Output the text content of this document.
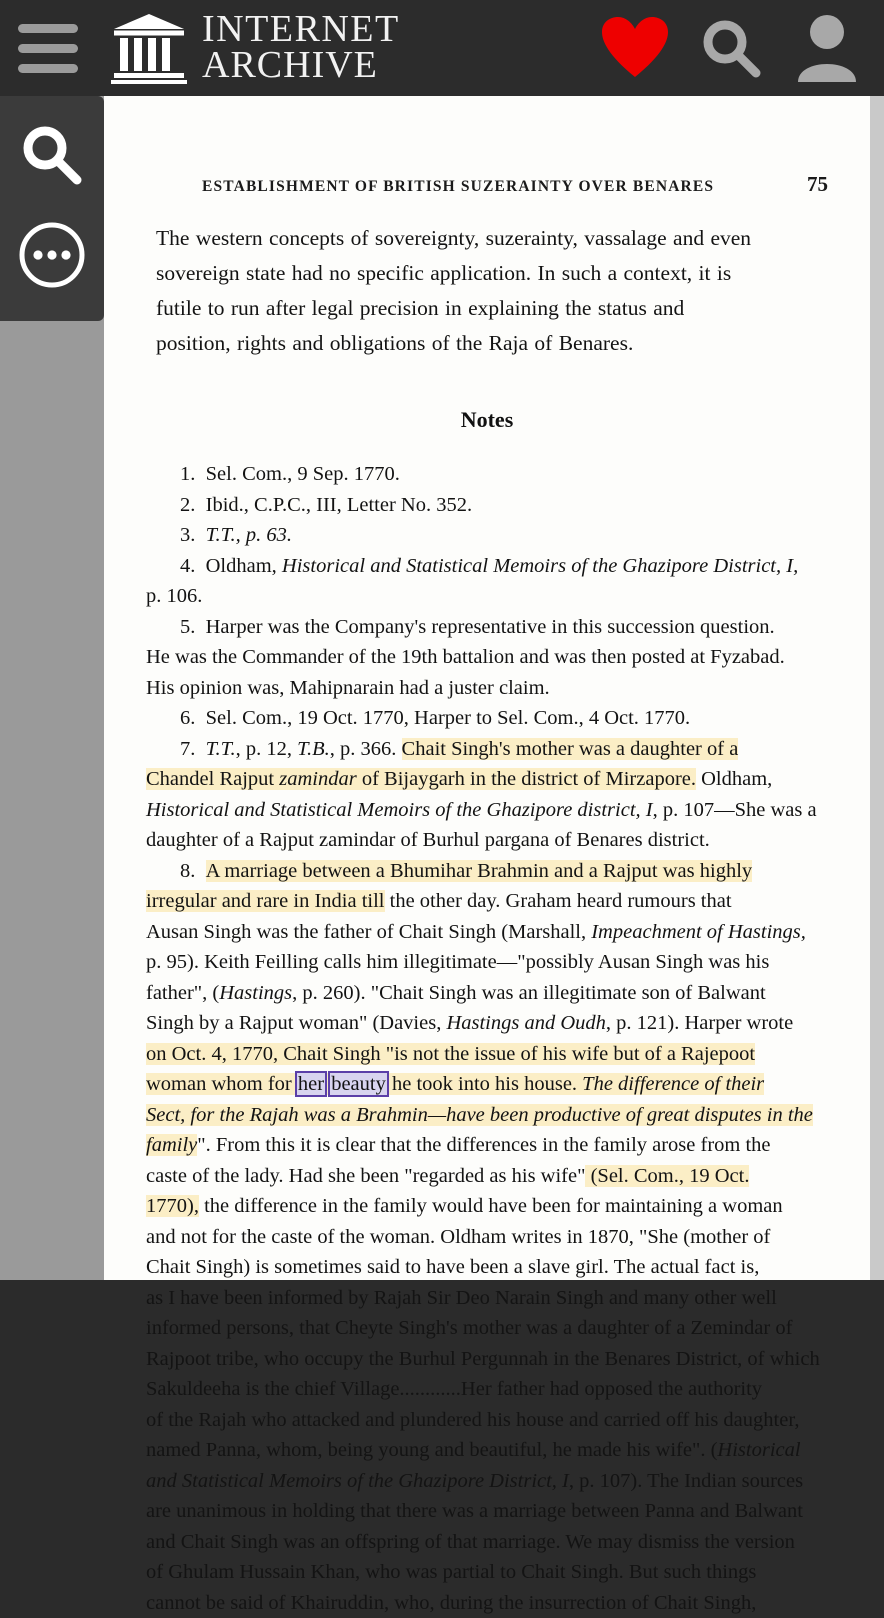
INTERNET
ARCHIVE
ESTABLISHMENT OF BRITISH SUZERAINTY OVER BENARES	75
The western concepts of sovereignty, suzerainty, vassalage and even
sovereign state had no specific application. In such a context, it is
futile to run after legal precision in explaining the status and
position, rights and obligations of the Raja of Benares.
Notes
1. Sel. Com., 9 Sep. 1770.
2. Ibid., C.P.C., III, Letter No. 352.
3. T.T., p. 63.
4. Oldham, Historical and Statistical Memoirs of the Ghazipore District, I,
p. 106.
5. Harper was the Company's representative in this succession question.
He was the Commander of the 19th battalion and was then posted at Fyzabad.
His opinion was, Mahipnarain had a juster claim.
6. Sel. Com., 19 Oct. 1770, Harper to Sel. Com., 4 Oct. 1770.
7. T.T., p. 12, T.B., p. 366. Chait Singh's mother was a daughter of a
Chandel Rajput zamindar of Bijaygarh in the district of Mirzapore. Oldham,
Historical and Statistical Memoirs of the Ghazipore district, I, p. 107—She was a
daughter of a Rajput zamindar of Burhul pargana of Benares district.
8. A marriage between a Bhumihar Brahmin and a Rajput was highly
irregular and rare in India till the other day. Graham heard rumours that
Ausan Singh was the father of Chait Singh (Marshall, Impeachment of Hastings,
p. 95). Keith Feilling calls him illegitimate—"possibly Ausan Singh was his
father", (Hastings, p. 260). "Chait Singh was an illegitimate son of Balwant
Singh by a Rajput woman" (Davies, Hastings and Oudh, p. 121). Harper wrote
on Oct. 4, 1770, Chait Singh "is not the issue of his wife but of a Rajepoot
woman whom for her beauty he took into his house. The difference of their
Sect, for the Rajah was a Brahmin—have been productive of great disputes in the
family". From this it is clear that the differences in the family arose from the
caste of the lady. Had she been "regarded as his wife" (Sel. Com., 19 Oct.
1770), the difference in the family would have been for maintaining a woman
and not for the caste of the woman. Oldham writes in 1870, "She (mother of
Chait Singh) is sometimes said to have been a slave girl. The actual fact is,
as I have been informed by Rajah Sir Deo Narain Singh and many other well
informed persons, that Cheyte Singh's mother was a daughter of a Zemindar of
Rajpoot tribe, who occupy the Burhul Pergunnah in the Benares District, of which
Sakuldeeha is the chief Village............Her father had opposed the authority
of the Rajah who attacked and plundered his house and carried off his daughter,
named Panna, whom, being young and beautiful, he made his wife". (Historical
and Statistical Memoirs of the Ghazipore District, I, p. 107). The Indian sources
are unanimous in holding that there was a marriage between Panna and Balwant
and Chait Singh was an offspring of that marriage. We may dismiss the version
of Ghulam Hussain Khan, who was partial to Chait Singh. But such things
cannot be said of Khairuddin, who, during the insurrection of Chait Singh,
